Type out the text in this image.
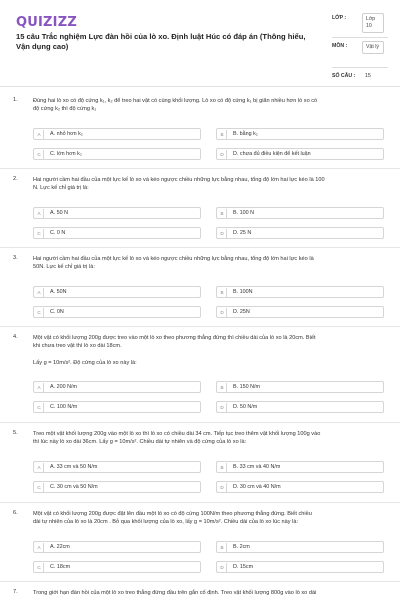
QUIZIZZ
15 câu Trắc nghiệm Lực đàn hồi của lò xo. Định luật Húc có đáp án (Thông hiểu, Vận dụng cao)
LỚP :	Lớp 10
MÔN :	Vật lý
SỐ CÂU :	15
1.	Đúng hai lò xo có độ cứng k₁, k₂ để treo hai vật có cùng khối lượng. Lò xo có độ cứng k₁ bị giãn nhiều hơn lò xo có
độ cứng k₂ thì độ cứng k₁
A	A. nhỏ hơn k₂	B	B. bằng k₂
C	C. lớn hơn k₂	D	D. chưa đủ điều kiện để kết luận
2.	Hai người cầm hai đầu của một lực kế lò xo và kéo ngược chiều những lực bằng nhau, tổng độ lớn hai lực kéo là 100
N. Lực kế chỉ giá trị là:
A	A. 50 N	B	B. 100 N
C	C. 0 N	D	D. 25 N
3.	Hai người cầm hai đầu của một lực kế lò xo và kéo ngược chiều những lực bằng nhau, tổng độ lớn hai lực kéo là
50N. Lực kế chỉ giá trị là:
A	A. 50N	B	B. 100N
C	C. 0N	D	D. 25N
4.	Một vật có khối lượng 200g được treo vào một lò xo theo phương thẳng đứng thì chiều dài của lò xo là 20cm. Biết
khi chưa treo vật thì lò xo dài 18cm.

Lấy g = 10m/s². Độ cứng của lò xo này là:
A	A. 200 N/m	B	B. 150 N/m
C	C. 100 N/m	D	D. 50 N/m
5.	Treo một vật khối lượng 200g vào một lò xo thì lò xo có chiều dài 34 cm. Tiếp tục treo thêm vật khối lượng 100g vào
thì lúc này lò xo dài 36cm. Lấy g = 10m/s². Chiều dài tự nhiên và độ cứng của lò xo là:
A	A. 33 cm và 50 N/m	B	B. 33 cm và 40 N/m
C	C. 30 cm và 50 N/m	D	D. 30 cm và 40 N/m
6.	Một vật có khối lượng 200g được đặt lên đầu một lò xo có độ cứng 100N/m theo phương thẳng đứng. Biết chiều
dài tự nhiên của lò xo là 20cm . Bỏ qua khối lượng của lò xo, lấy g = 10m/s². Chiều dài của lò xo lúc này là:
A	A. 22cm	B	B. 2cm
C	C. 18cm	D	D. 15cm
7.	Trong giới hạn đàn hồi của một lò xo treo thẳng đứng đầu trên gắn cố định. Treo vật khối lượng 800g vào lò xo dài
